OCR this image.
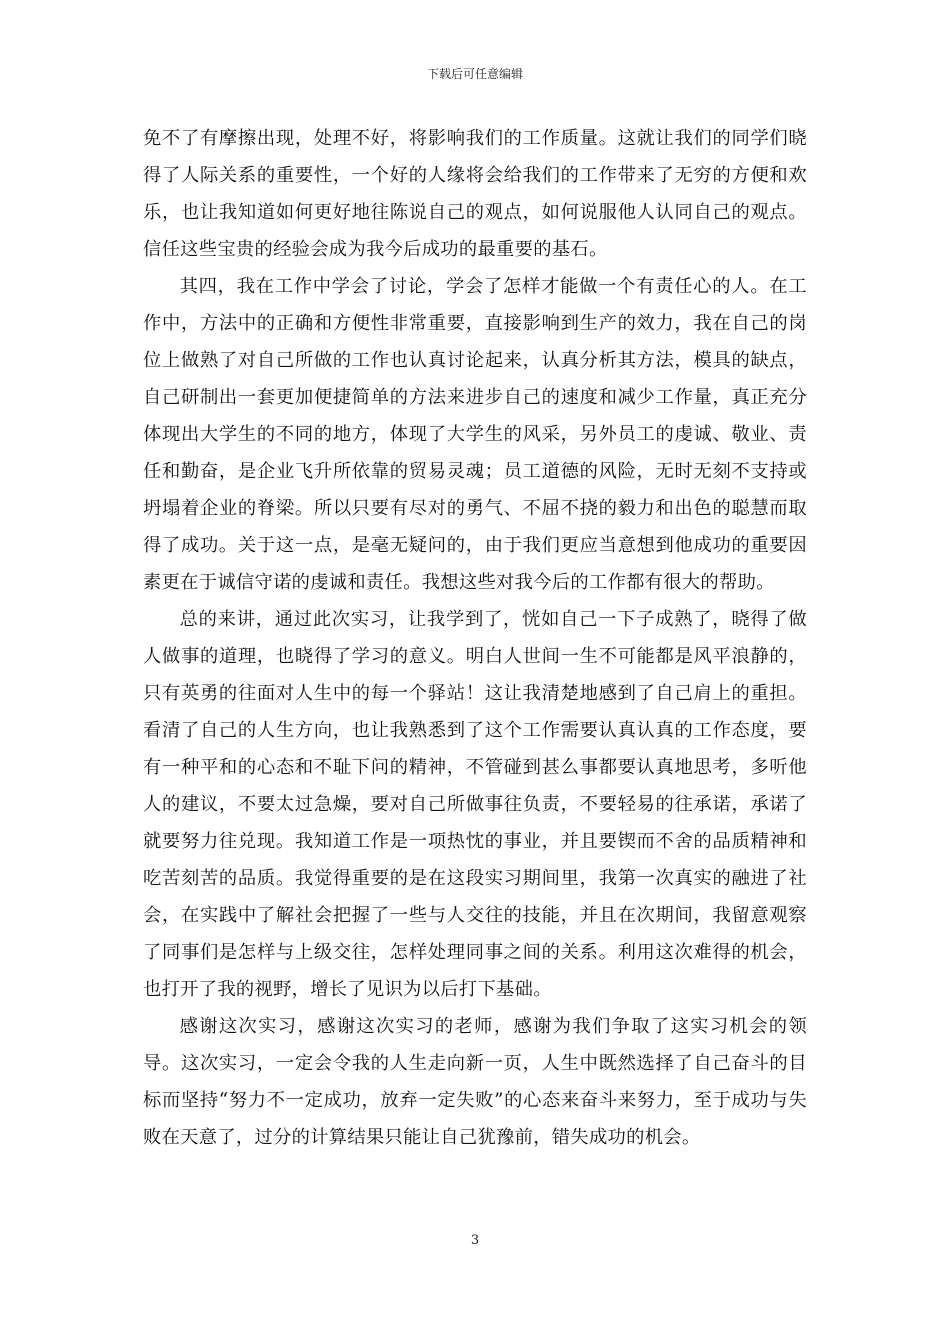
下载后可任意编辑

免不了有摩擦出现，处理不好，将影响我们的工作质量。这就让我们的同学们晓得了人际关系的重要性，一个好的人缘将会给我们的工作带来了无穷的方便和欢乐，也让我知道如何更好地往陈说自己的观点，如何说服他人认同自己的观点。信任这些宝贵的经验会成为我今后成功的最重要的基石。

其四，我在工作中学会了讨论，学会了怎样才能做一个有责任心的人。在工作中，方法中的正确和方便性非常重要，直接影响到生产的效力，我在自己的岗位上做熟了对自己所做的工作也认真讨论起来，认真分析其方法，模具的缺点，自己研制出一套更加便捷简单的方法来进步自己的速度和减少工作量，真正充分体现出大学生的不同的地方，体现了大学生的风采，另外员工的虔诚、敬业、责任和勤奋，是企业飞升所依靠的贸易灵魂；员工道德的风险，无时无刻不支持或坍塌着企业的脊梁。所以只要有尽对的勇气、不屈不挠的毅力和出色的聪慧而取得了成功。关于这一点，是毫无疑问的，由于我们更应当意想到他成功的重要因素更在于诚信守诺的虔诚和责任。我想这些对我今后的工作都有很大的帮助。

总的来讲，通过此次实习，让我学到了，恍如自己一下子成熟了，晓得了做人做事的道理，也晓得了学习的意义。明白人世间一生不可能都是风平浪静的，只有英勇的往面对人生中的每一个驿站！这让我清楚地感到了自己肩上的重担。看清了自己的人生方向，也让我熟悉到了这个工作需要认真认真的工作态度，要有一种平和的心态和不耻下问的精神，不管碰到甚么事都要认真地思考，多听他人的建议，不要太过急燥，要对自己所做事往负责，不要轻易的往承诺，承诺了就要努力往兑现。我知道工作是一项热忱的事业，并且要锲而不舍的品质精神和吃苦刻苦的品质。我觉得重要的是在这段实习期间里，我第一次真实的融进了社会，在实践中了解社会把握了一些与人交往的技能，并且在次期间，我留意观察了同事们是怎样与上级交往，怎样处理同事之间的关系。利用这次难得的机会，也打开了我的视野，增长了见识为以后打下基础。

感谢这次实习，感谢这次实习的老师，感谢为我们争取了这实习机会的领导。这次实习，一定会令我的人生走向新一页，人生中既然选择了自己奋斗的目标而坚持“努力不一定成功，放弃一定失败”的心态来奋斗来努力，至于成功与失败在天意了，过分的计算结果只能让自己犹豫前，错失成功的机会。

3
